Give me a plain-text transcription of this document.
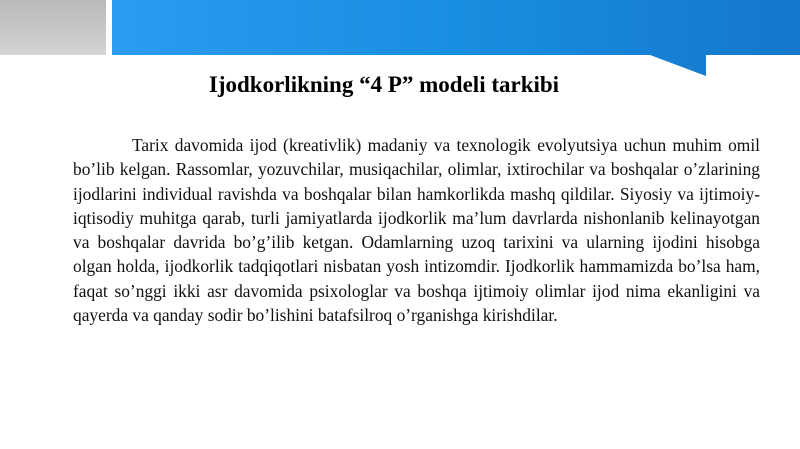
Ijodkorlikning “4 P” modeli tarkibi

Tarix davomida ijod (kreativlik) madaniy va texnologik evolyutsiya uchun muhim omil bo’lib kelgan. Rassomlar, yozuvchilar, musiqachilar, olimlar, ixtirochilar va boshqalar o’zlarining ijodlarini individual ravishda va boshqalar bilan hamkorlikda mashq qildilar. Siyosiy va ijtimoiy-iqtisodiy muhitga qarab, turli jamiyatlarda ijodkorlik ma’lum davrlarda nishonlanib kelinayotgan va boshqalar davrida bo’g’ilib ketgan. Odamlarning uzoq tarixini va ularning ijodini hisobga olgan holda, ijodkorlik tadqiqotlari nisbatan yosh intizomdir. Ijodkorlik hammamizda bo’lsa ham, faqat so’nggi ikki asr davomida psixologlar va boshqa ijtimoiy olimlar ijod nima ekanligini va qayerda va qanday sodir bo’lishini batafsilroq o’rganishga kirishdilar.
